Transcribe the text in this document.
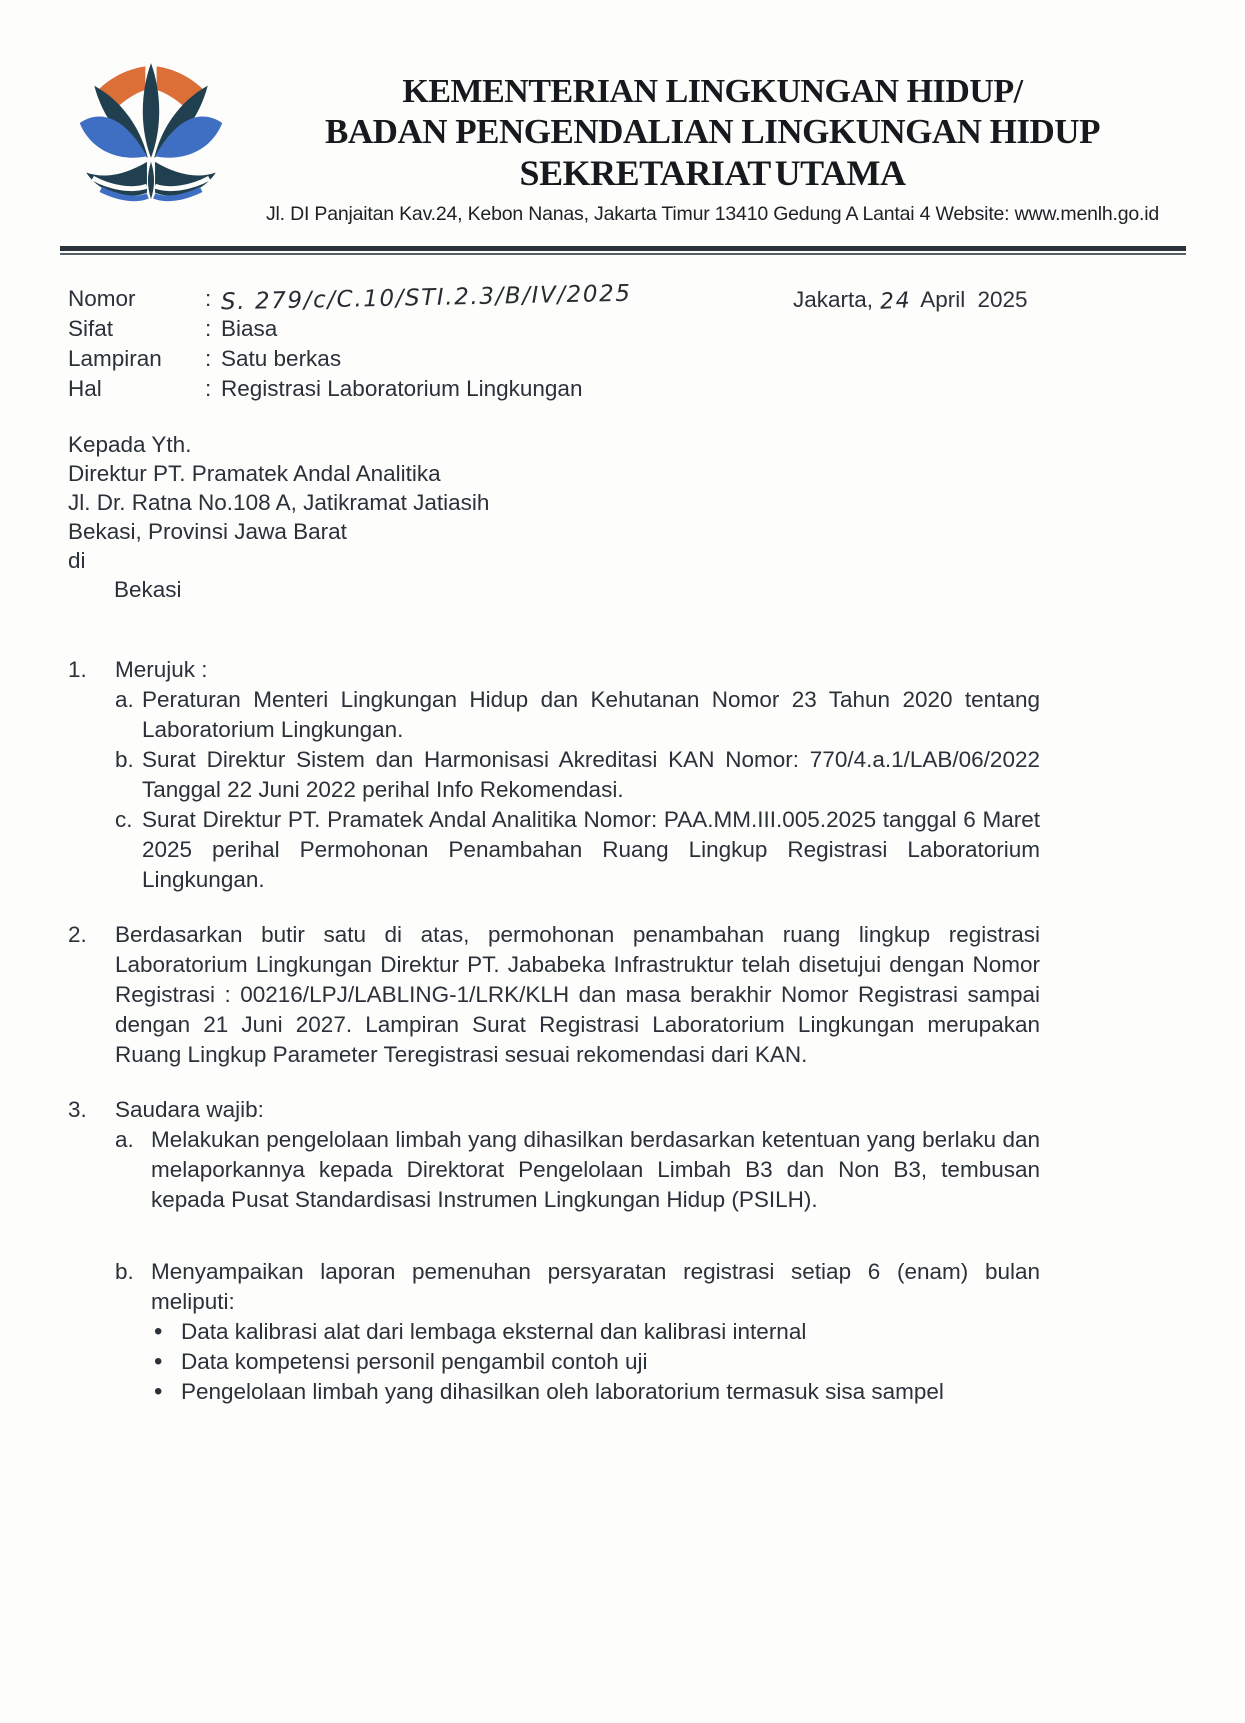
KEMENTERIAN LINGKUNGAN HIDUP/
BADAN PENGENDALIAN LINGKUNGAN HIDUP
SEKRETARIAT UTAMA
Jl. DI Panjaitan Kav.24, Kebon Nanas, Jakarta Timur 13410 Gedung A Lantai 4 Website: www.menlh.go.id
Nomor	: S. 279/c/C.10/STI.2.3/B/IV/2025
Sifat	: Biasa
Lampiran	: Satu berkas
Hal	: Registrasi Laboratorium Lingkungan
Jakarta, 24 April 2025
Kepada Yth.
Direktur PT. Pramatek Andal Analitika
Jl. Dr. Ratna No.108 A, Jatikramat Jatiasih
Bekasi, Provinsi Jawa Barat
di
Bekasi
1.	Merujuk :
a. Peraturan Menteri Lingkungan Hidup dan Kehutanan Nomor 23 Tahun 2020 tentang Laboratorium Lingkungan.
b. Surat Direktur Sistem dan Harmonisasi Akreditasi KAN Nomor: 770/4.a.1/LAB/06/2022 Tanggal 22 Juni 2022 perihal Info Rekomendasi.
c. Surat Direktur PT. Pramatek Andal Analitika Nomor: PAA.MM.III.005.2025 tanggal 6 Maret 2025 perihal Permohonan Penambahan Ruang Lingkup Registrasi Laboratorium Lingkungan.
2.	Berdasarkan butir satu di atas, permohonan penambahan ruang lingkup registrasi Laboratorium Lingkungan Direktur PT. Jababeka Infrastruktur telah disetujui dengan Nomor Registrasi : 00216/LPJ/LABLING-1/LRK/KLH dan masa berakhir Nomor Registrasi sampai dengan 21 Juni 2027. Lampiran Surat Registrasi Laboratorium Lingkungan merupakan Ruang Lingkup Parameter Teregistrasi sesuai rekomendasi dari KAN.
3.	Saudara wajib:
a. Melakukan pengelolaan limbah yang dihasilkan berdasarkan ketentuan yang berlaku dan melaporkannya kepada Direktorat Pengelolaan Limbah B3 dan Non B3, tembusan kepada Pusat Standardisasi Instrumen Lingkungan Hidup (PSILH).
b. Menyampaikan laporan pemenuhan persyaratan registrasi setiap 6 (enam) bulan meliputi:
• Data kalibrasi alat dari lembaga eksternal dan kalibrasi internal
• Data kompetensi personil pengambil contoh uji
• Pengelolaan limbah yang dihasilkan oleh laboratorium termasuk sisa sampel
